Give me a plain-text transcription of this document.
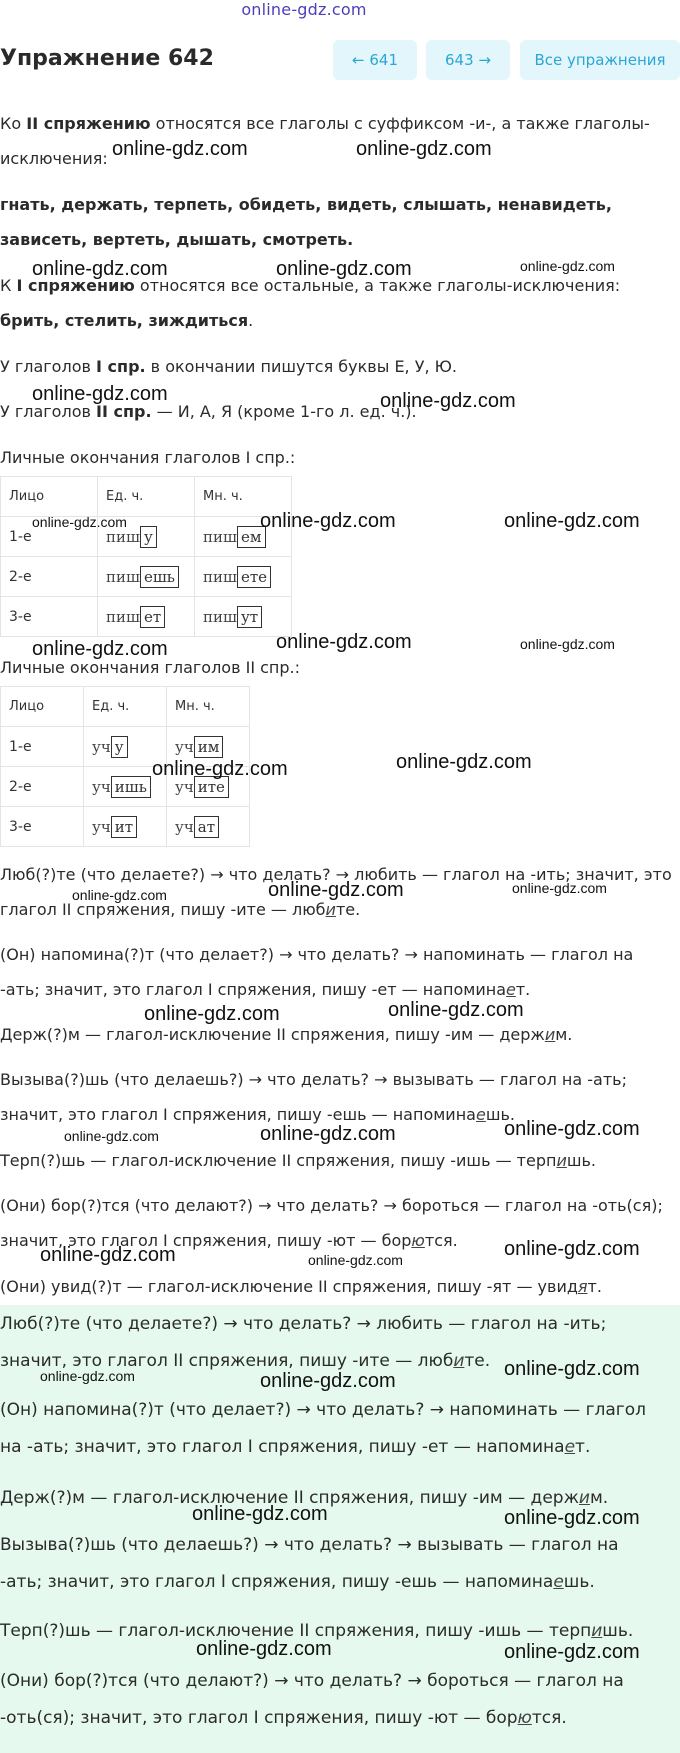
online-gdz.com
Упражнение 642	← 641	643 →	Все упражнения
Ко II спряжению относятся все глаголы с суффиксом -и-, а также глаголы-исключения:
гнать, держать, терпеть, обидеть, видеть, слышать, ненавидеть, зависеть, вертеть, дышать, смотреть.
К I спряжению относятся все остальные, а также глаголы-исключения: брить, стелить, зиждиться.
У глаголов I спр. в окончании пишутся буквы Е, У, Ю.
У глаголов II спр. — И, А, Я (кроме 1-го л. ед. ч.).
Личные окончания глаголов I спр.:
Лицо	Ед. ч.	Мн. ч.
1-е	пиш у	пиш ем
2-е	пиш ешь	пиш ете
3-е	пиш ет	пиш ут
Личные окончания глаголов II спр.:
Лицо	Ед. ч.	Мн. ч.
1-е	уч у	уч им
2-е	уч ишь	уч ите
3-е	уч ит	уч ат
Люб(?)те (что делаете?) → что делать? → любить — глагол на -ить; значит, это глагол II спряжения, пишу -ите — любите.
(Он) напомина(?)т (что делает?) → что делать? → напоминать — глагол на -ать; значит, это глагол I спряжения, пишу -ет — напоминает.
Держ(?)м — глагол-исключение II спряжения, пишу -им — держим.
Вызыва(?)шь (что делаешь?) → что делать? → вызывать — глагол на -ать; значит, это глагол I спряжения, пишу -ешь — напоминаешь.
Терп(?)шь — глагол-исключение II спряжения, пишу -ишь — терпишь.
(Они) бор(?)тся (что делают?) → что делать? → бороться — глагол на -оть(ся); значит, это глагол I спряжения, пишу -ют — борются.
(Они) увид(?)т — глагол-исключение II спряжения, пишу -ят — увидят.
Люб(?)те (что делаете?) → что делать? → любить — глагол на -ить; значит, это глагол II спряжения, пишу -ите — любите.
(Он) напомина(?)т (что делает?) → что делать? → напоминать — глагол на -ать; значит, это глагол I спряжения, пишу -ет — напоминает.
Держ(?)м — глагол-исключение II спряжения, пишу -им — держим.
Вызыва(?)шь (что делаешь?) → что делать? → вызывать — глагол на -ать; значит, это глагол I спряжения, пишу -ешь — напоминаешь.
Терп(?)шь — глагол-исключение II спряжения, пишу -ишь — терпишь.
(Они) бор(?)тся (что делают?) → что делать? → бороться — глагол на -оть(ся); значит, это глагол I спряжения, пишу -ют — борются.
online-gdz.com	online-gdz.com
online-gdz.com	online-gdz.com	online-gdz.com
online-gdz.com	online-gdz.com
online-gdz.com	online-gdz.com	online-gdz.com
online-gdz.com	online-gdz.com	online-gdz.com
online-gdz.com	online-gdz.com
online-gdz.com	online-gdz.com	online-gdz.com
online-gdz.com	online-gdz.com
online-gdz.com	online-gdz.com	online-gdz.com
online-gdz.com	online-gdz.com	online-gdz.com
online-gdz.com	online-gdz.com
online-gdz.com
online-gdz.com	online-gdz.com
online-gdz.com	online-gdz.com
